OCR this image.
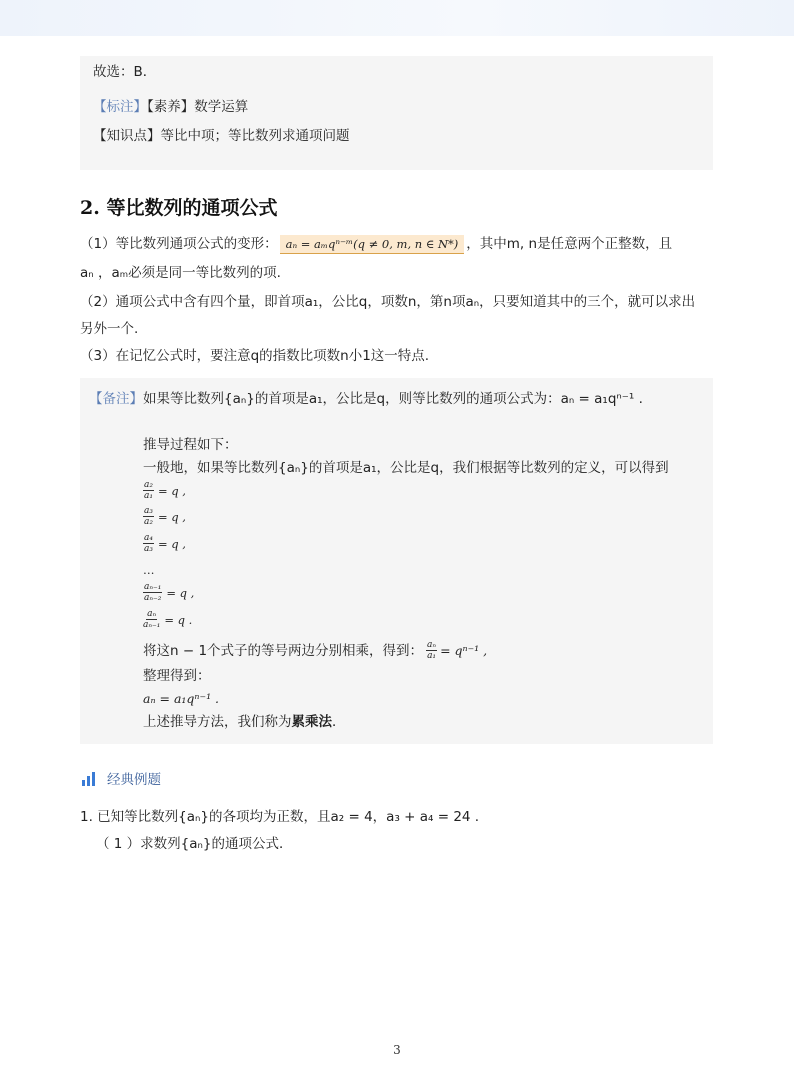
故选：B．
【标注】【素养】数学运算
【知识点】等比中项；等比数列求通项问题
2. 等比数列的通项公式
（1）等比数列通项公式的变形： aₙ = aₘqⁿ⁻ᵐ(q ≠ 0, m, n ∈ N*) ，其中m, n是任意两个正整数，且
aₙ ，aₘ必须是同一等比数列的项.
（2）通项公式中含有四个量，即首项a₁，公比q，项数n，第n项aₙ，只要知道其中的三个，就可以求出
另外一个.
（3）在记忆公式时，要注意q的指数比项数n小1这一特点.
【备注】如果等比数列{aₙ}的首项是a₁，公比是q，则等比数列的通项公式为：aₙ = a₁qⁿ⁻¹ .
推导过程如下：
一般地，如果等比数列{aₙ}的首项是a₁，公比是q，我们根据等比数列的定义，可以得到
$\frac{\text{a₂}}{\text{a₁}} = q$ ,
$\frac{\text{a₃}}{\text{a₂}} = q$ ,
$\frac{\text{a₄}}{\text{a₃}} = q$ ,
…
$\frac{\text{aₙ₋₁}}{\text{aₙ₋₂}} = q$ ,
$\frac{\text{aₙ}}{\text{aₙ₋₁}} = q$ .
将这n − 1个式子的等号两边分别相乘，得到： $\frac{\text{aₙ}}{\text{a₁}} = q^{n-1}$ ,
整理得到：
aₙ = a₁qⁿ⁻¹ .
上述推导方法，我们称为累乘法．
经典例题
1. 已知等比数列{aₙ}的各项均为正数，且a₂ = 4，a₃ + a₄ = 24 .
（ 1 ）求数列{aₙ}的通项公式．
3
